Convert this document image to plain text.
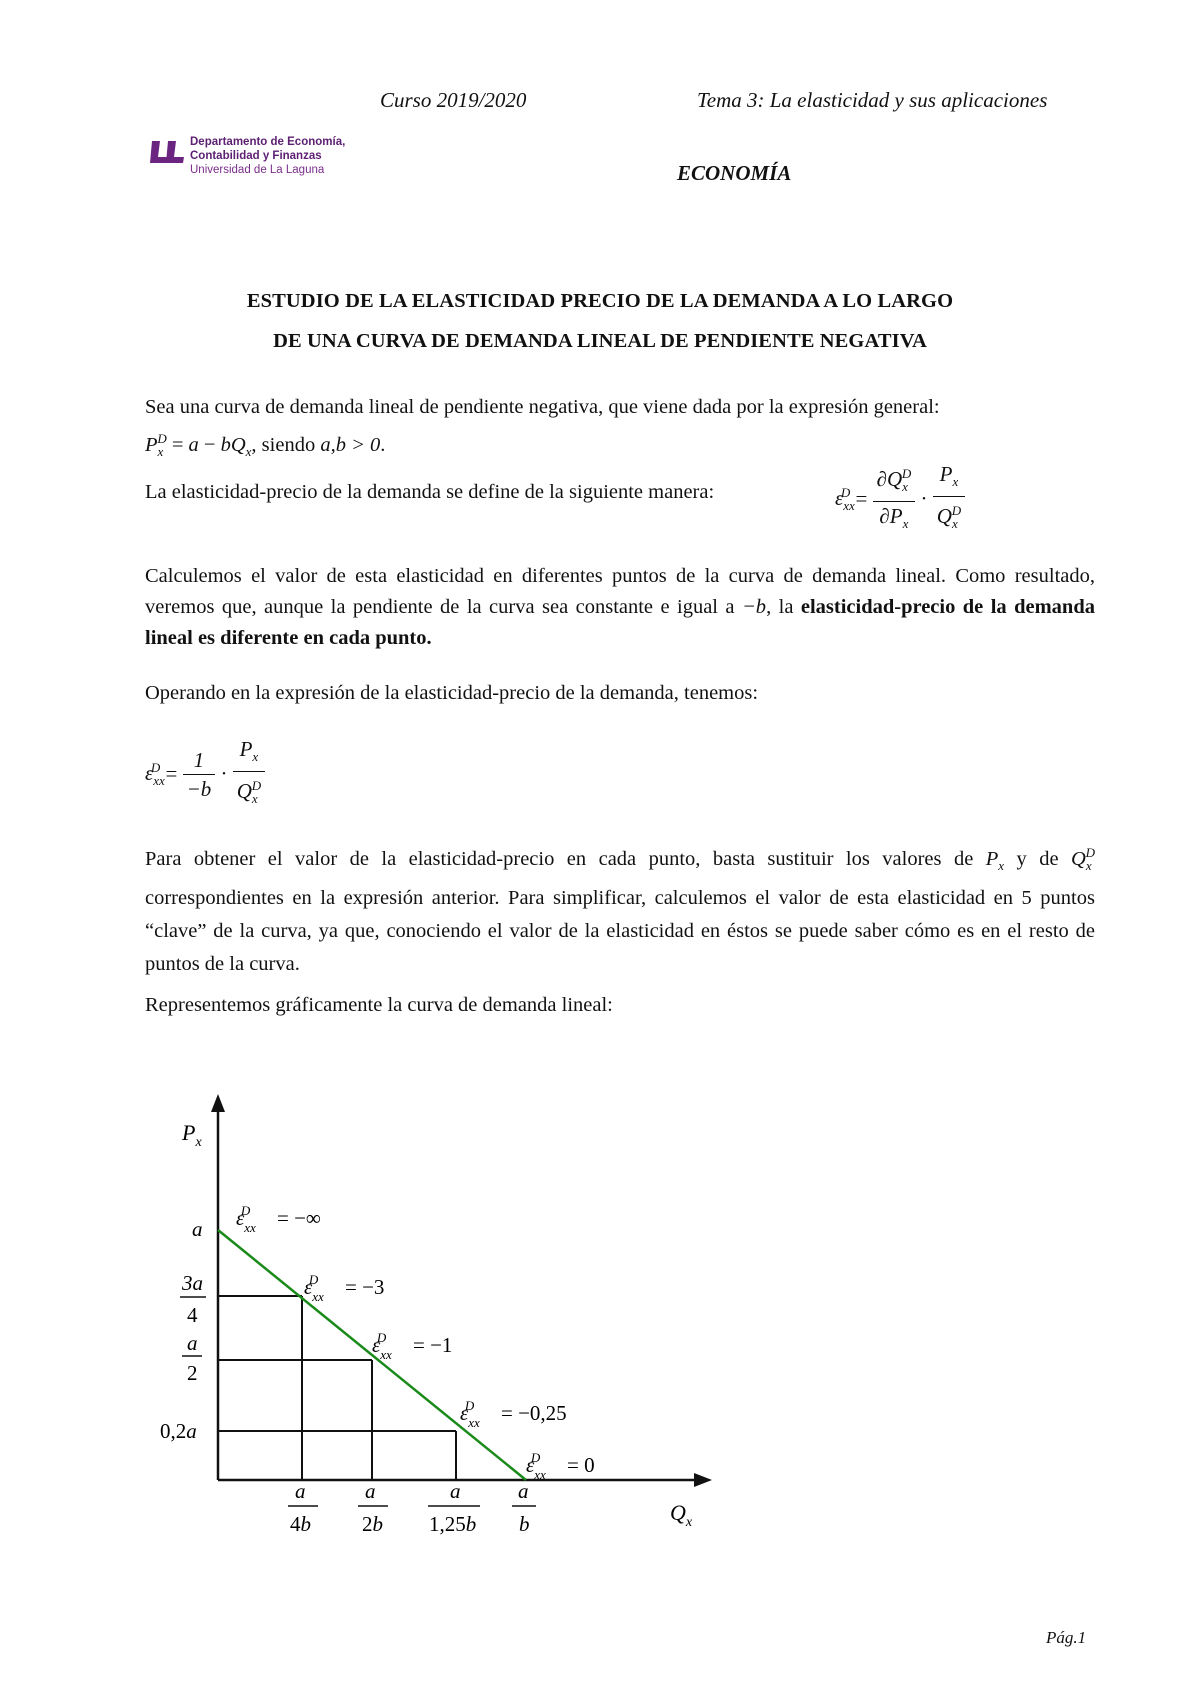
Curso 2019/2020	Tema 3: La elasticidad y sus aplicaciones
Departamento de Economía,
Contabilidad y Finanzas
Universidad de La Laguna	ECONOMÍA
ESTUDIO DE LA ELASTICIDAD PRECIO DE LA DEMANDA A LO LARGO
DE UNA CURVA DE DEMANDA LINEAL DE PENDIENTE NEGATIVA

Sea una curva de demanda lineal de pendiente negativa, que viene dada por la expresión general:

$P_x^D = a - bQ_x$, siendo a,b > 0.

La elasticidad-precio de la demanda se define de la siguiente manera:	$\varepsilon_{xx}^D = \frac{\partial Q_x^D}{\partial P_x} \cdot \frac{P_x}{Q_x^D}$

Calculemos el valor de esta elasticidad en diferentes puntos de la curva de demanda lineal. Como resultado, veremos que, aunque la pendiente de la curva sea constante e igual a −b, la elasticidad-precio de la demanda lineal es diferente en cada punto.

Operando en la expresión de la elasticidad-precio de la demanda, tenemos:
$\varepsilon_{xx}^D = \frac{1}{-b} \cdot \frac{P_x}{Q_x^D}$

Para obtener el valor de la elasticidad-precio en cada punto, basta sustituir los valores de $P_x$ y de $Q_x^D$ correspondientes en la expresión anterior. Para simplificar, calculemos el valor de esta elasticidad en 5 puntos “clave” de la curva, ya que, conociendo el valor de la elasticidad en éstos se puede saber cómo es en el resto de puntos de la curva.

Representemos gráficamente la curva de demanda lineal:
$P_x$
$Q_x$
a
3a
4
a
2
0,2a
a
4b
a
2b
a
1,25b
a
b
$\varepsilon_{xx}D$ = −∞
$\varepsilon_{xx}D = -3$
$\varepsilon_{xx}D = -1$
$\varepsilon_{xx}D = -0,25$
$\varepsilon_{xx}D = 0$
Pág.1
